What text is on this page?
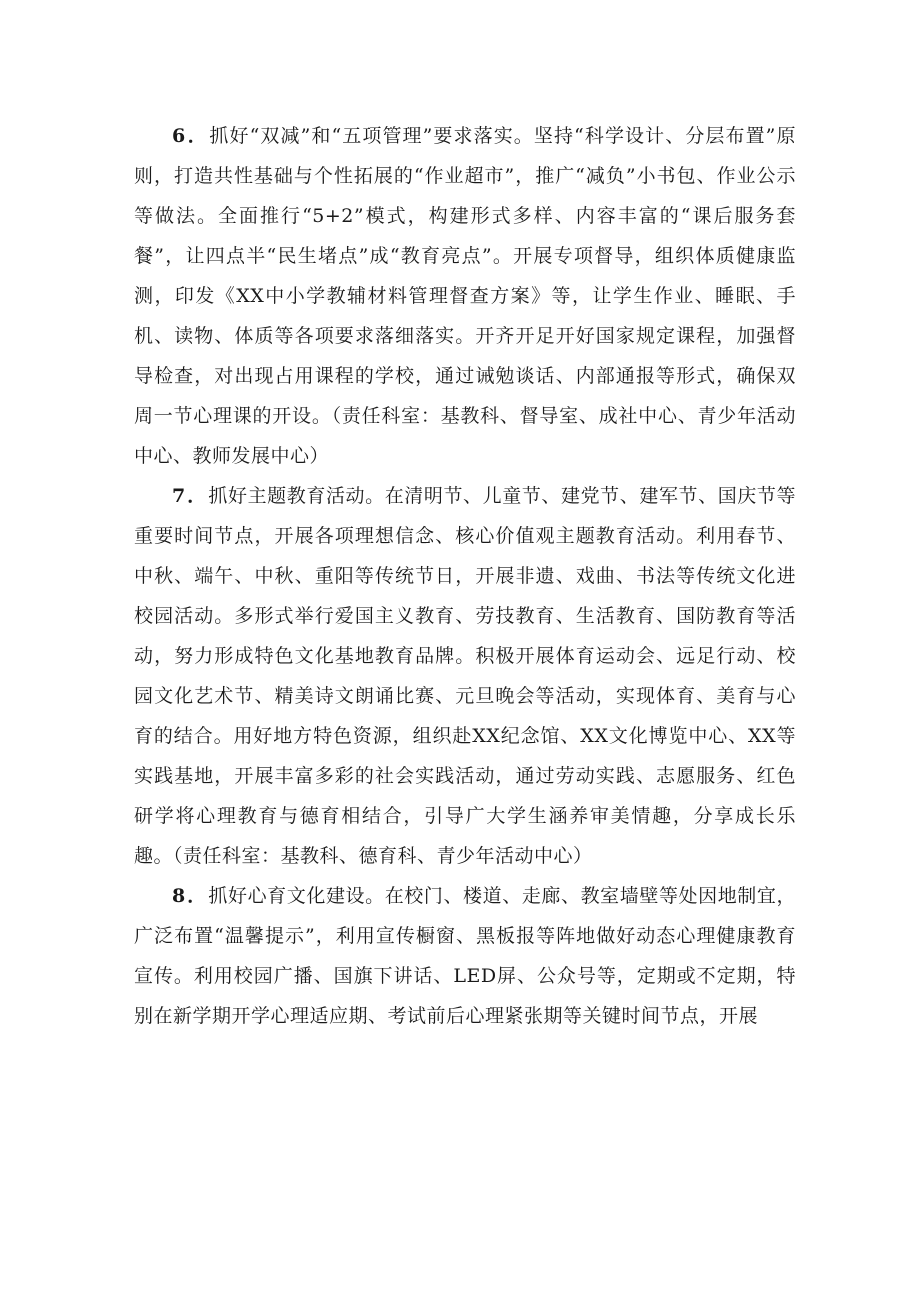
6．抓好“双减”和“五项管理”要求落实。坚持“科学设计、分层布置”原则，打造共性基础与个性拓展的“作业超市”，推广“减负”小书包、作业公示等做法。全面推行“5+2”模式，构建形式多样、内容丰富的“课后服务套餐”，让四点半“民生堵点”成“教育亮点”。开展专项督导，组织体质健康监测，印发《XX中小学教辅材料管理督查方案》等，让学生作业、睡眠、手机、读物、体质等各项要求落细落实。开齐开足开好国家规定课程，加强督导检查，对出现占用课程的学校，通过诫勉谈话、内部通报等形式，确保双周一节心理课的开设。（责任科室：基教科、督导室、成社中心、青少年活动中心、教师发展中心）

7．抓好主题教育活动。在清明节、儿童节、建党节、建军节、国庆节等重要时间节点，开展各项理想信念、核心价值观主题教育活动。利用春节、中秋、端午、中秋、重阳等传统节日，开展非遗、戏曲、书法等传统文化进校园活动。多形式举行爱国主义教育、劳技教育、生活教育、国防教育等活动，努力形成特色文化基地教育品牌。积极开展体育运动会、远足行动、校园文化艺术节、精美诗文朗诵比赛、元旦晚会等活动，实现体育、美育与心育的结合。用好地方特色资源，组织赴XX纪念馆、XX文化博览中心、XX等实践基地，开展丰富多彩的社会实践活动，通过劳动实践、志愿服务、红色研学将心理教育与德育相结合，引导广大学生涵养审美情趣，分享成长乐趣。（责任科室：基教科、德育科、青少年活动中心）

8．抓好心育文化建设。在校门、楼道、走廊、教室墙壁等处因地制宜，广泛布置“温馨提示”，利用宣传橱窗、黑板报等阵地做好动态心理健康教育宣传。利用校园广播、国旗下讲话、LED屏、公众号等，定期或不定期，特别在新学期开学心理适应期、考试前后心理紧张期等关键时间节点，开展
